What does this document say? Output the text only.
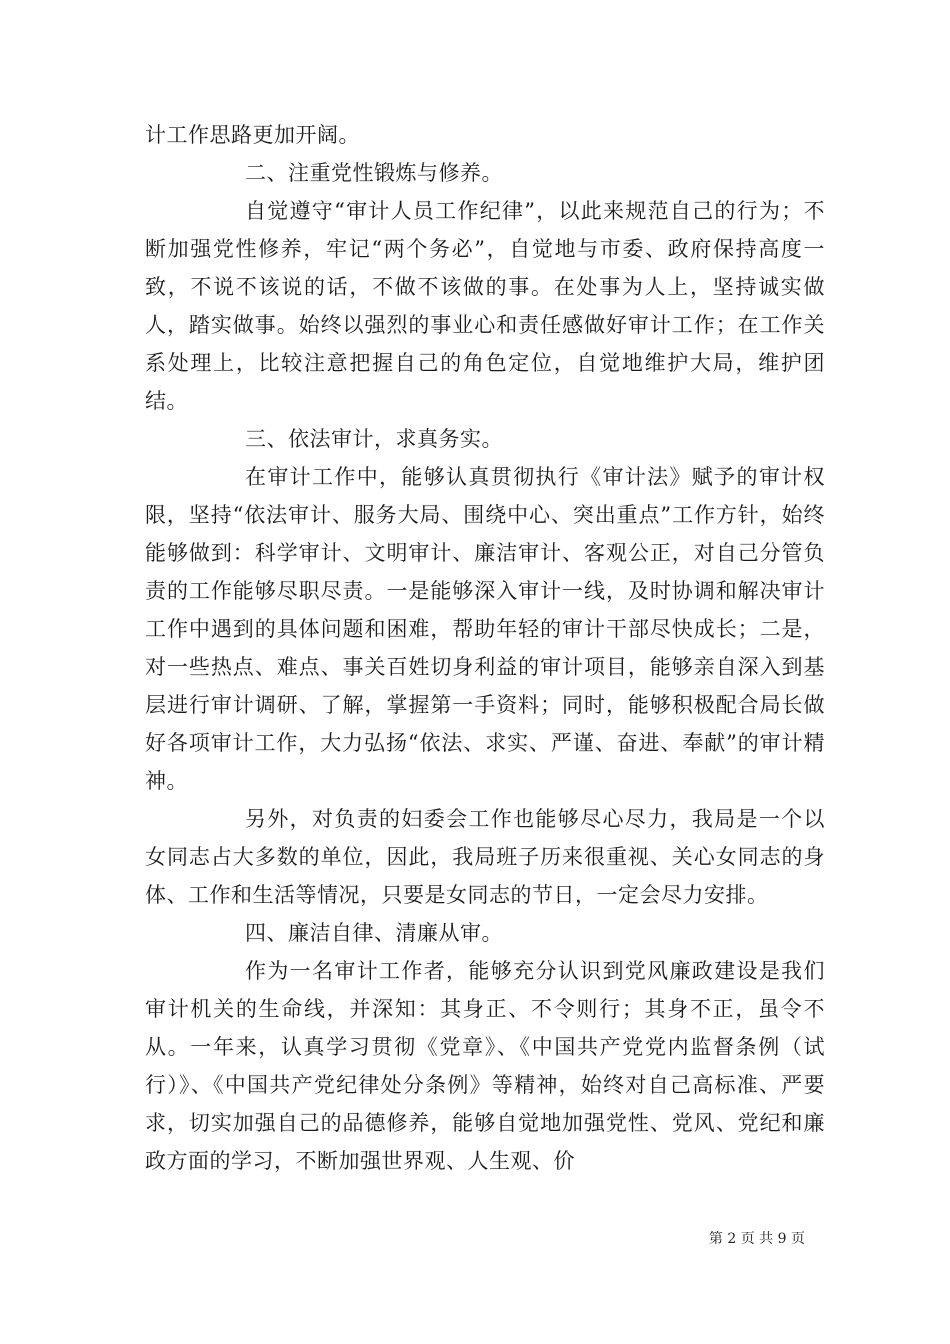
计工作思路更加开阔。

二、注重党性锻炼与修养。

自觉遵守“审计人员工作纪律”，以此来规范自己的行为；不断加强党性修养，牢记“两个务必”，自觉地与市委、政府保持高度一致，不说不该说的话，不做不该做的事。在处事为人上，坚持诚实做人，踏实做事。始终以强烈的事业心和责任感做好审计工作；在工作关系处理上，比较注意把握自己的角色定位，自觉地维护大局，维护团结。

三、依法审计，求真务实。

在审计工作中，能够认真贯彻执行《审计法》赋予的审计权限，坚持“依法审计、服务大局、围绕中心、突出重点”工作方针，始终能够做到：科学审计、文明审计、廉洁审计、客观公正，对自己分管负责的工作能够尽职尽责。一是能够深入审计一线，及时协调和解决审计工作中遇到的具体问题和困难，帮助年轻的审计干部尽快成长；二是，对一些热点、难点、事关百姓切身利益的审计项目，能够亲自深入到基层进行审计调研、了解，掌握第一手资料；同时，能够积极配合局长做好各项审计工作，大力弘扬“依法、求实、严谨、奋进、奉献”的审计精神。

另外，对负责的妇委会工作也能够尽心尽力，我局是一个以女同志占大多数的单位，因此，我局班子历来很重视、关心女同志的身体、工作和生活等情况，只要是女同志的节日，一定会尽力安排。

四、廉洁自律、清廉从审。

作为一名审计工作者，能够充分认识到党风廉政建设是我们审计机关的生命线，并深知：其身正、不令则行；其身不正，虽令不从。一年来，认真学习贯彻《党章》、《中国共产党党内监督条例（试行）》、《中国共产党纪律处分条例》等精神，始终对自己高标准、严要求，切实加强自己的品德修养，能够自觉地加强党性、党风、党纪和廉政方面的学习，不断加强世界观、人生观、价

第 2 页 共 9 页
